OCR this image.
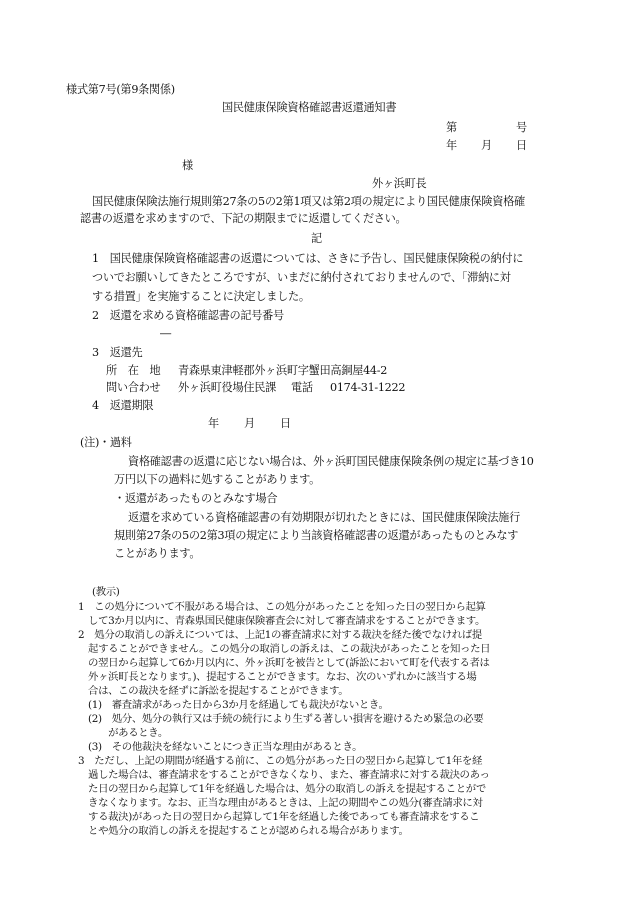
様式第7号(第9条関係)

国民健康保険資格確認書返還通知書

第	号

年 月 日

様

外ヶ浜町長

国民健康保険法施行規則第27条の5の2第1項又は第2項の規定により国民健康保険資格確

認書の返還を求めますので、下記の期限までに返還してください。

記

1　国民健康保険資格確認書の返還については、さきに予告し、国民健康保険税の納付に

ついでお願いしてきたところですが、いまだに納付されておりませんので、「滞納に対

する措置」を実施することに決定しました。

2　返還を求める資格確認書の記号番号

―

3　返還先

所　在　地 青森県東津軽郡外ヶ浜町字蟹田高銅屋44-2

問い合わせ 外ヶ浜町役場住民課 電話 0174-31-1222

4　返還期限

年 月 日

(注)・過料

資格確認書の返還に応じない場合は、外ヶ浜町国民健康保険条例の規定に基づき10

万円以下の過料に処することがあります。

・返還があったものとみなす場合

返還を求めている資格確認書の有効期限が切れたときには、国民健康保険法施行

規則第27条の5の2第3項の規定により当該資格確認書の返還があったものとみなす

ことがあります。

(教示)

1　この処分について不服がある場合は、この処分があったことを知った日の翌日から起算

　して3か月以内に、青森県国民健康保険審査会に対して審査請求をすることができます。

2　処分の取消しの訴えについては、上記1の審査請求に対する裁決を経た後でなければ提

　起することができません。この処分の取消しの訴えは、この裁決があったことを知った日

　の翌日から起算して6か月以内に、外ヶ浜町を被告として(訴訟において町を代表する者は

　外ヶ浜町長となります。)、提起することができます。なお、次のいずれかに該当する場

　合は、この裁決を経ずに訴訟を提起することができます。

　(1)　審査請求があった日から3か月を経過しても裁決がないとき。

　(2)　処分、処分の執行又は手続の続行により生ずる著しい損害を避けるため緊急の必要

　　　があるとき。

　(3)　その他裁決を経ないことにつき正当な理由があるとき。

3　ただし、上記の期間が経過する前に、この処分があった日の翌日から起算して1年を経

　過した場合は、審査請求をすることができなくなり、また、審査請求に対する裁決のあっ

　た日の翌日から起算して1年を経過した場合は、処分の取消しの訴えを提起することがで

　きなくなります。なお、正当な理由があるときは、上記の期間やこの処分(審査請求に対

　する裁決)があった日の翌日から起算して1年を経過した後であっても審査請求をするこ

　とや処分の取消しの訴えを提起することが認められる場合があります。
